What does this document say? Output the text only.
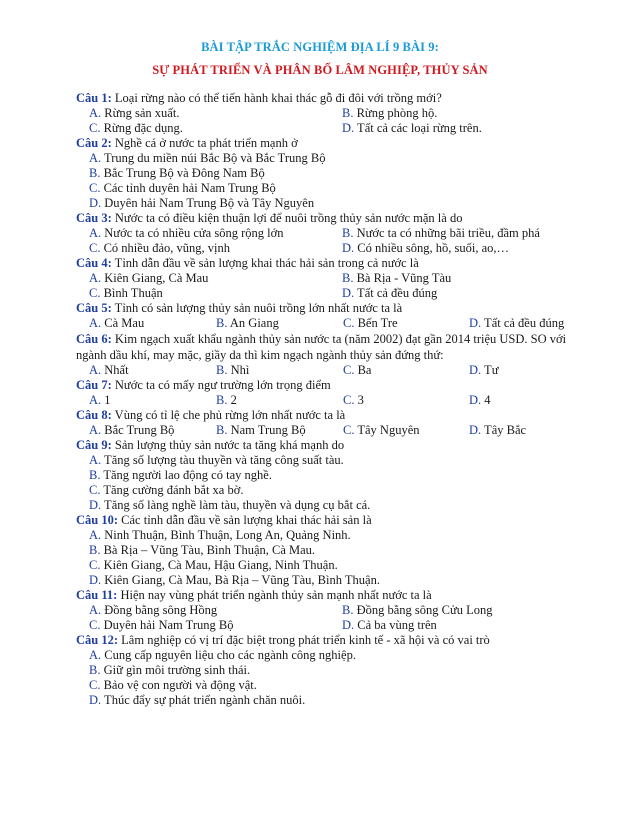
BÀI TẬP TRẮC NGHIỆM ĐỊA LÍ 9 BÀI 9:
SỰ PHÁT TRIỂN VÀ PHÂN BỐ LÂM NGHIỆP, THỦY SẢN
Câu 1: Loại rừng nào có thể tiến hành khai thác gỗ đi đôi với trồng mới?
A. Rừng sản xuất.	B. Rừng phòng hộ.
C. Rừng đặc dụng.	D. Tất cả các loại rừng trên.
Câu 2: Nghề cá ở nước ta phát triển mạnh ở
A. Trung du miền núi Bắc Bộ và Bắc Trung Bộ
B. Bắc Trung Bộ và Đông Nam Bộ
C. Các tỉnh duyên hải Nam Trung Bộ
D. Duyên hải Nam Trung Bộ và Tây Nguyên
Câu 3: Nước ta có điều kiện thuận lợi để nuôi trồng thủy sản nước mặn là do
A. Nước ta có nhiều cửa sông rộng lớn	B. Nước ta có những bãi triều, đầm phá
C. Có nhiều đảo, vũng, vịnh	D. Có nhiều sông, hồ, suối, ao,…
Câu 4: Tỉnh dẫn đầu về sản lượng khai thác hải sản trong cả nước là
A. Kiên Giang, Cà Mau	B. Bà Rịa - Vũng Tàu
C. Bình Thuận	D. Tất cả đều đúng
Câu 5: Tỉnh có sản lượng thủy sản nuôi trồng lớn nhất nước ta là
A. Cà Mau	B. An Giang	C. Bến Tre	D. Tất cả đều đúng
Câu 6: Kim ngạch xuất khẩu ngành thủy sản nước ta (năm 2002) đạt gần 2014 triệu USD. SO với ngành dầu khí, may mặc, giầy da thì kim ngạch ngành thủy sản đứng thứ:
A. Nhất	B. Nhì	C. Ba	D. Tư
Câu 7: Nước ta có mấy ngư trường lớn trọng điểm
A. 1	B. 2	C. 3	D. 4
Câu 8: Vùng có tỉ lệ che phủ rừng lớn nhất nước ta là
A. Bắc Trung Bộ	B. Nam Trung Bộ	C. Tây Nguyên	D. Tây Bắc
Câu 9: Sản lượng thủy sản nước ta tăng khá mạnh do
A. Tăng số lượng tàu thuyền và tăng công suất tàu.
B. Tăng người lao động có tay nghề.
C. Tăng cường đánh bắt xa bờ.
D. Tăng số làng nghề làm tàu, thuyền và dụng cụ bắt cá.
Câu 10: Các tỉnh dẫn đầu về sản lượng khai thác hải sản là
A. Ninh Thuận, Bình Thuận, Long An, Quảng Ninh.
B. Bà Rịa – Vũng Tàu, Bình Thuận, Cà Mau.
C. Kiên Giang, Cà Mau, Hậu Giang, Ninh Thuận.
D. Kiên Giang, Cà Mau, Bà Rịa – Vũng Tàu, Bình Thuận.
Câu 11: Hiện nay vùng phát triển ngành thủy sản mạnh nhất nước ta là
A. Đồng bằng sông Hồng	B. Đồng bằng sông Cửu Long
C. Duyên hải Nam Trung Bộ	D. Cả ba vùng trên
Câu 12: Lâm nghiệp có vị trí đặc biệt trong phát triển kinh tế - xã hội và có vai trò
A. Cung cấp nguyên liệu cho các ngành công nghiệp.
B. Giữ gìn môi trường sinh thái.
C. Bảo vệ con người và động vật.
D. Thúc đẩy sự phát triển ngành chăn nuôi.
